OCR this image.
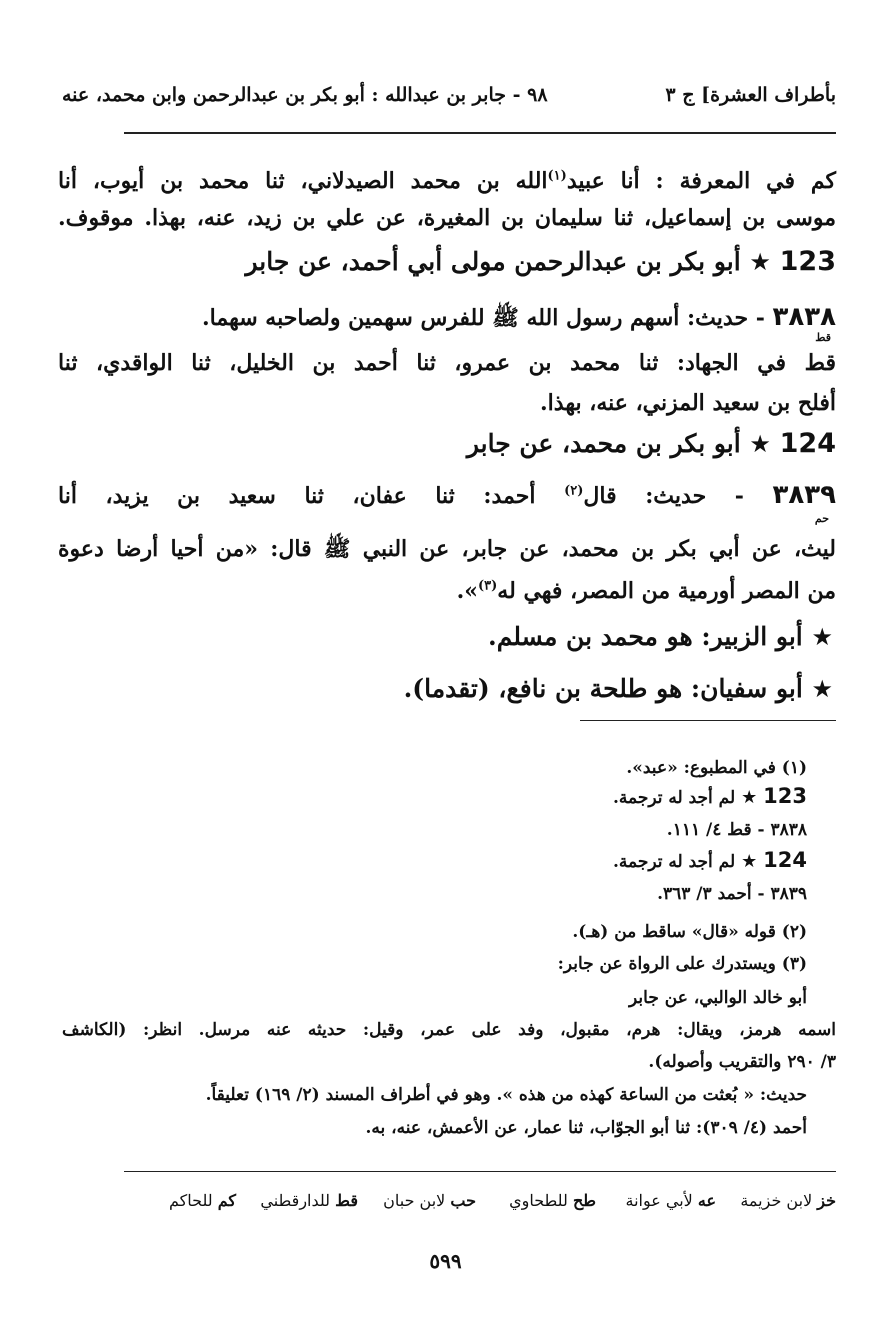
بأطراف العشرة] ج ٣
٩٨ - جابر بن عبدالله : أبو بكر بن عبدالرحمن وابن محمد، عنه
كم في المعرفة : أنا عبيد$^{(١)}$الله بن محمد الصيدلاني، ثنا محمد بن أيوب، أنا
موسى بن إسماعيل، ثنا سليمان بن المغيرة، عن علي بن زيد، عنه، بهذا. موقوف.
123 ★ أبو بكر بن عبدالرحمن مولى أبي أحمد، عن جابر
٣٨٣٨ - حديث: أسهم رسول الله ﷺ للفرس سهمين ولصاحبه سهما.
قط
قط في الجهاد: ثنا محمد بن عمرو، ثنا أحمد بن الخليل، ثنا الواقدي، ثنا
أفلح بن سعيد المزني، عنه، بهذا.
124 ★ أبو بكر بن محمد، عن جابر
٣٨٣٩ - حديث: قال$^{(٢)}$ أحمد: ثنا عفان، ثنا سعيد بن يزيد، أنا
حم
ليث، عن أبي بكر بن محمد، عن جابر، عن النبي ﷺ قال: «من أحيا أرضا دعوة
من المصر أورمية من المصر، فهي له$^{(٣)}$».
★ أبو الزبير: هو محمد بن مسلم.
★ أبو سفيان: هو طلحة بن نافع، (تقدما).
(١) في المطبوع: «عبد».
123 ★ لم أجد له ترجمة.
٣٨٣٨ - قط ٤/ ١١١.
124 ★ لم أجد له ترجمة.
٣٨٣٩ - أحمد ٣/ ٣٦٣.
(٢) قوله «قال» ساقط من (هـ).
(٣) ويستدرك على الرواة عن جابر:
أبو خالد الوالبي، عن جابر
اسمه هرمز، ويقال: هرم، مقبول، وفد على عمر، وقيل: حديثه عنه مرسل. انظر: (الكاشف
٣/ ٢٩٠ والتقريب وأصوله).
حديث: « بُعثت من الساعة كهذه من هذه ». وهو في أطراف المسند (٢/ ١٦٩) تعليقاً.
أحمد (٤/ ٣٠٩): ثنا أبو الجوّاب، ثنا عمار، عن الأعمش، عنه، به.
خز لابن خزيمة
عه لأبي عوانة
طح للطحاوي
حب لابن حبان
قط للدارقطني
كم للحاكم
٥٩٩
